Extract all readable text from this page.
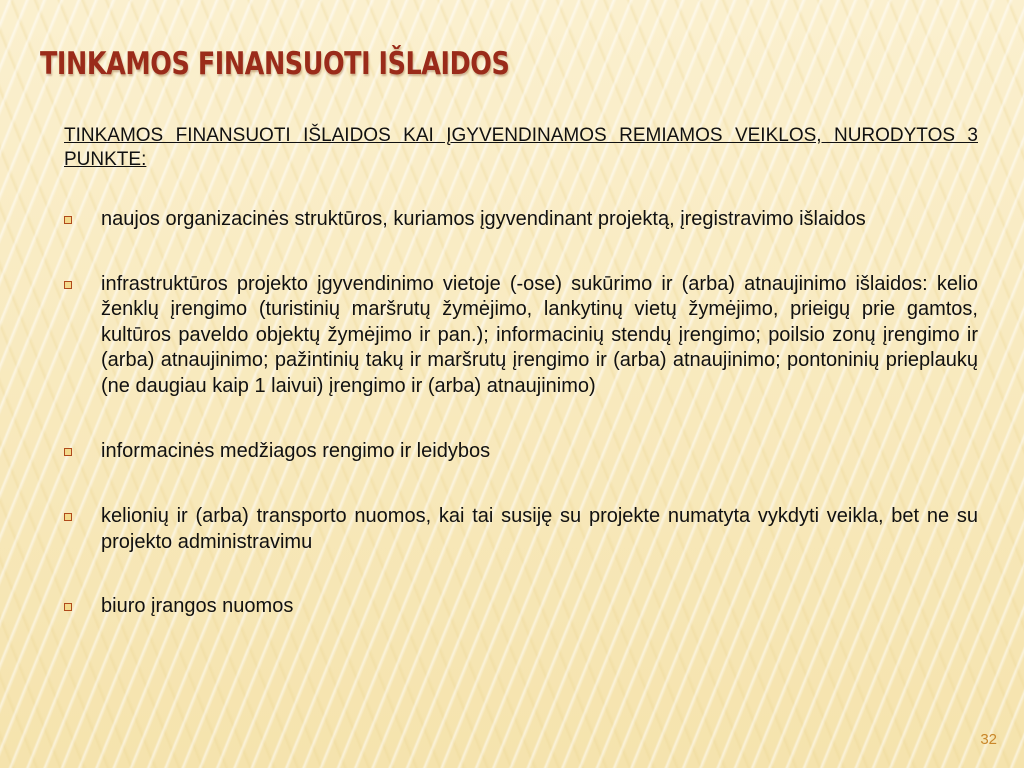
TINKAMOS FINANSUOTI IŠLAIDOS

TINKAMOS FINANSUOTI IŠLAIDOS KAI ĮGYVENDINAMOS REMIAMOS VEIKLOS, NURODYTOS 3 PUNKTE:

naujos organizacinės struktūros, kuriamos įgyvendinant projektą, įregistravimo išlaidos
infrastruktūros projekto įgyvendinimo vietoje (-ose) sukūrimo ir (arba) atnaujinimo išlaidos: kelio ženklų įrengimo (turistinių maršrutų žymėjimo, lankytinų vietų žymėjimo, prieigų prie gamtos, kultūros paveldo objektų žymėjimo ir pan.); informacinių stendų įrengimo; poilsio zonų įrengimo ir (arba) atnaujinimo; pažintinių takų ir maršrutų įrengimo ir (arba) atnaujinimo; pontoninių prieplaukų (ne daugiau kaip 1 laivui) įrengimo ir (arba) atnaujinimo)
informacinės medžiagos rengimo ir leidybos
kelionių ir (arba) transporto nuomos, kai tai susiję su projekte numatyta vykdyti veikla, bet ne su projekto administravimu
biuro įrangos nuomos
32
